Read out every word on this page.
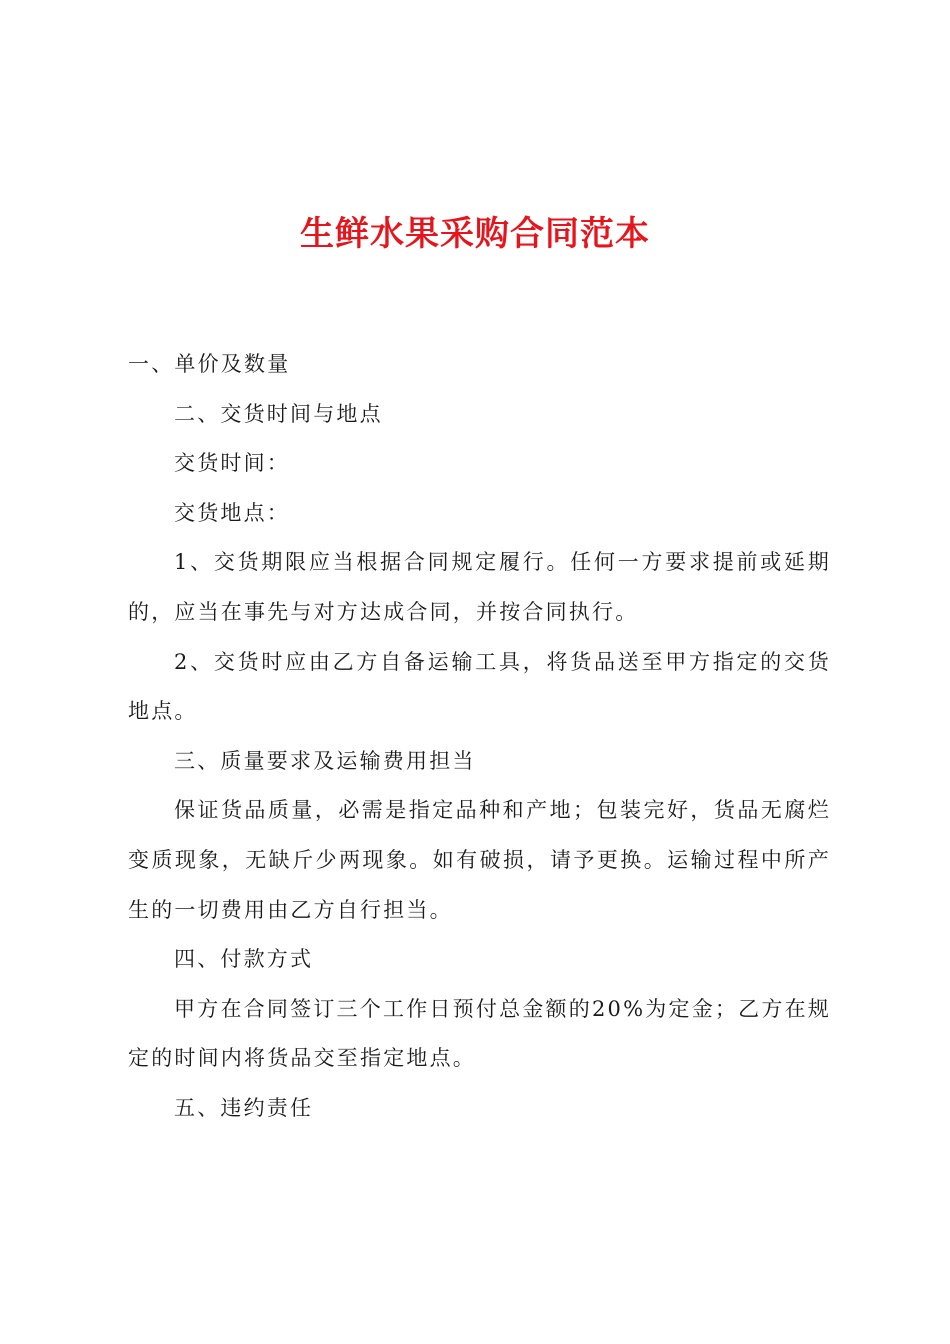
生鲜水果采购合同范本

一、单价及数量

二、交货时间与地点

交货时间：

交货地点：

1、交货期限应当根据合同规定履行。任何一方要求提前或延期的，应当在事先与对方达成合同，并按合同执行。

2、交货时应由乙方自备运输工具，将货品送至甲方指定的交货地点。

三、质量要求及运输费用担当

保证货品质量，必需是指定品种和产地；包装完好，货品无腐烂变质现象，无缺斤少两现象。如有破损，请予更换。运输过程中所产生的一切费用由乙方自行担当。

四、付款方式

甲方在合同签订三个工作日预付总金额的20%为定金；乙方在规定的时间内将货品交至指定地点。

五、违约责任
